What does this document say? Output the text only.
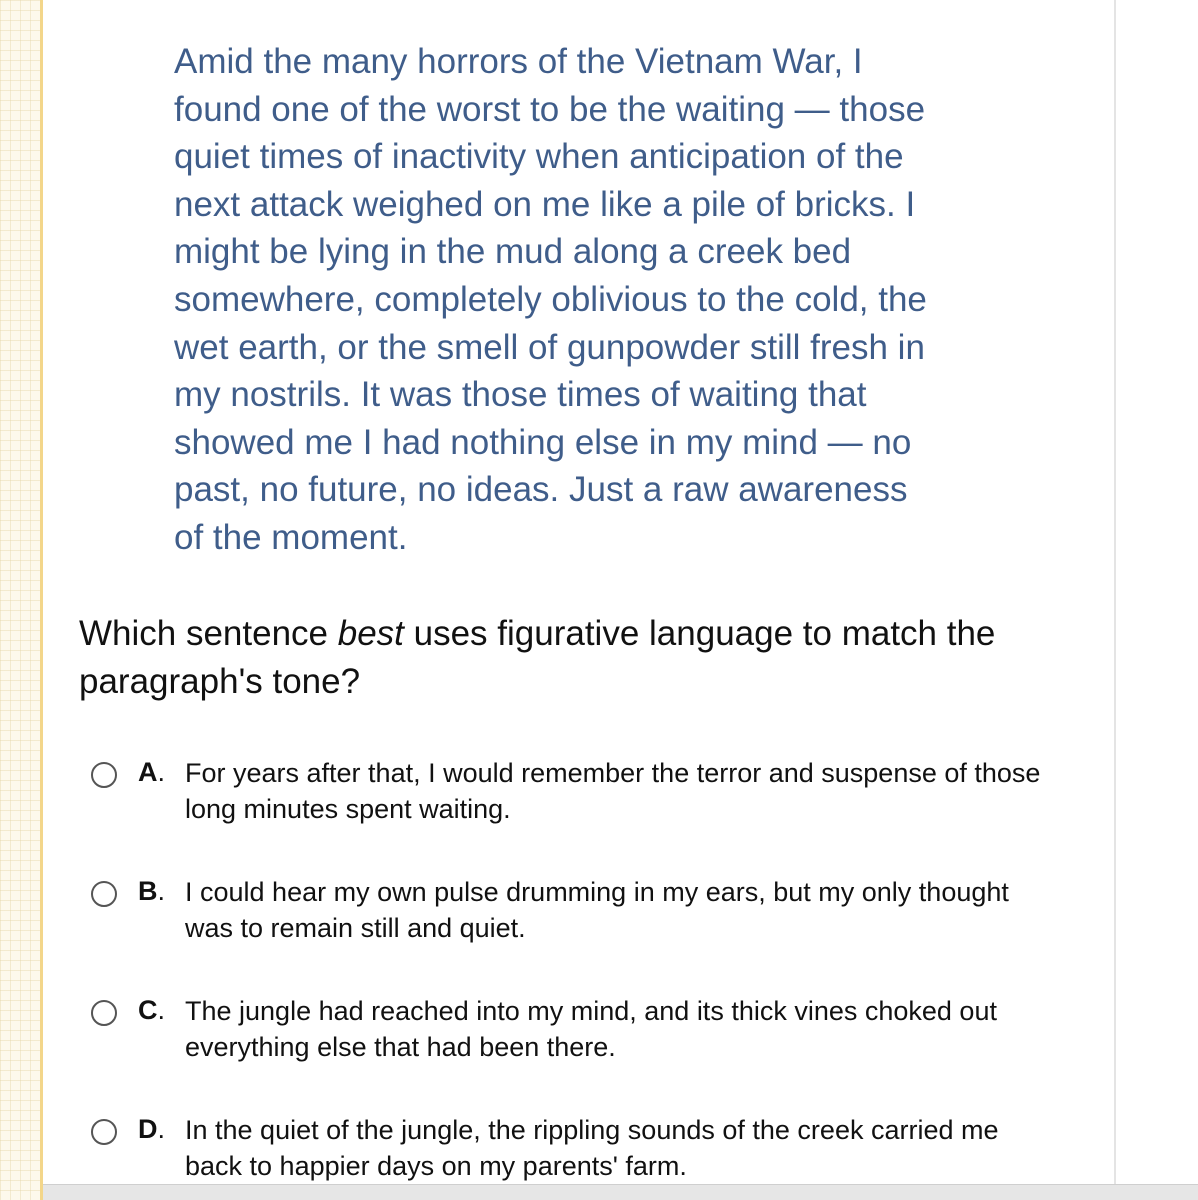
Amid the many horrors of the Vietnam War, I
found one of the worst to be the waiting — those
quiet times of inactivity when anticipation of the
next attack weighed on me like a pile of bricks. I
might be lying in the mud along a creek bed
somewhere, completely oblivious to the cold, the
wet earth, or the smell of gunpowder still fresh in
my nostrils. It was those times of waiting that
showed me I had nothing else in my mind — no
past, no future, no ideas. Just a raw awareness
of the moment.
Which sentence best uses figurative language to match the
paragraph's tone?
A. For years after that, I would remember the terror and suspense of those
long minutes spent waiting.
B. I could hear my own pulse drumming in my ears, but my only thought
was to remain still and quiet.
C. The jungle had reached into my mind, and its thick vines choked out
everything else that had been there.
D. In the quiet of the jungle, the rippling sounds of the creek carried me
back to happier days on my parents' farm.
